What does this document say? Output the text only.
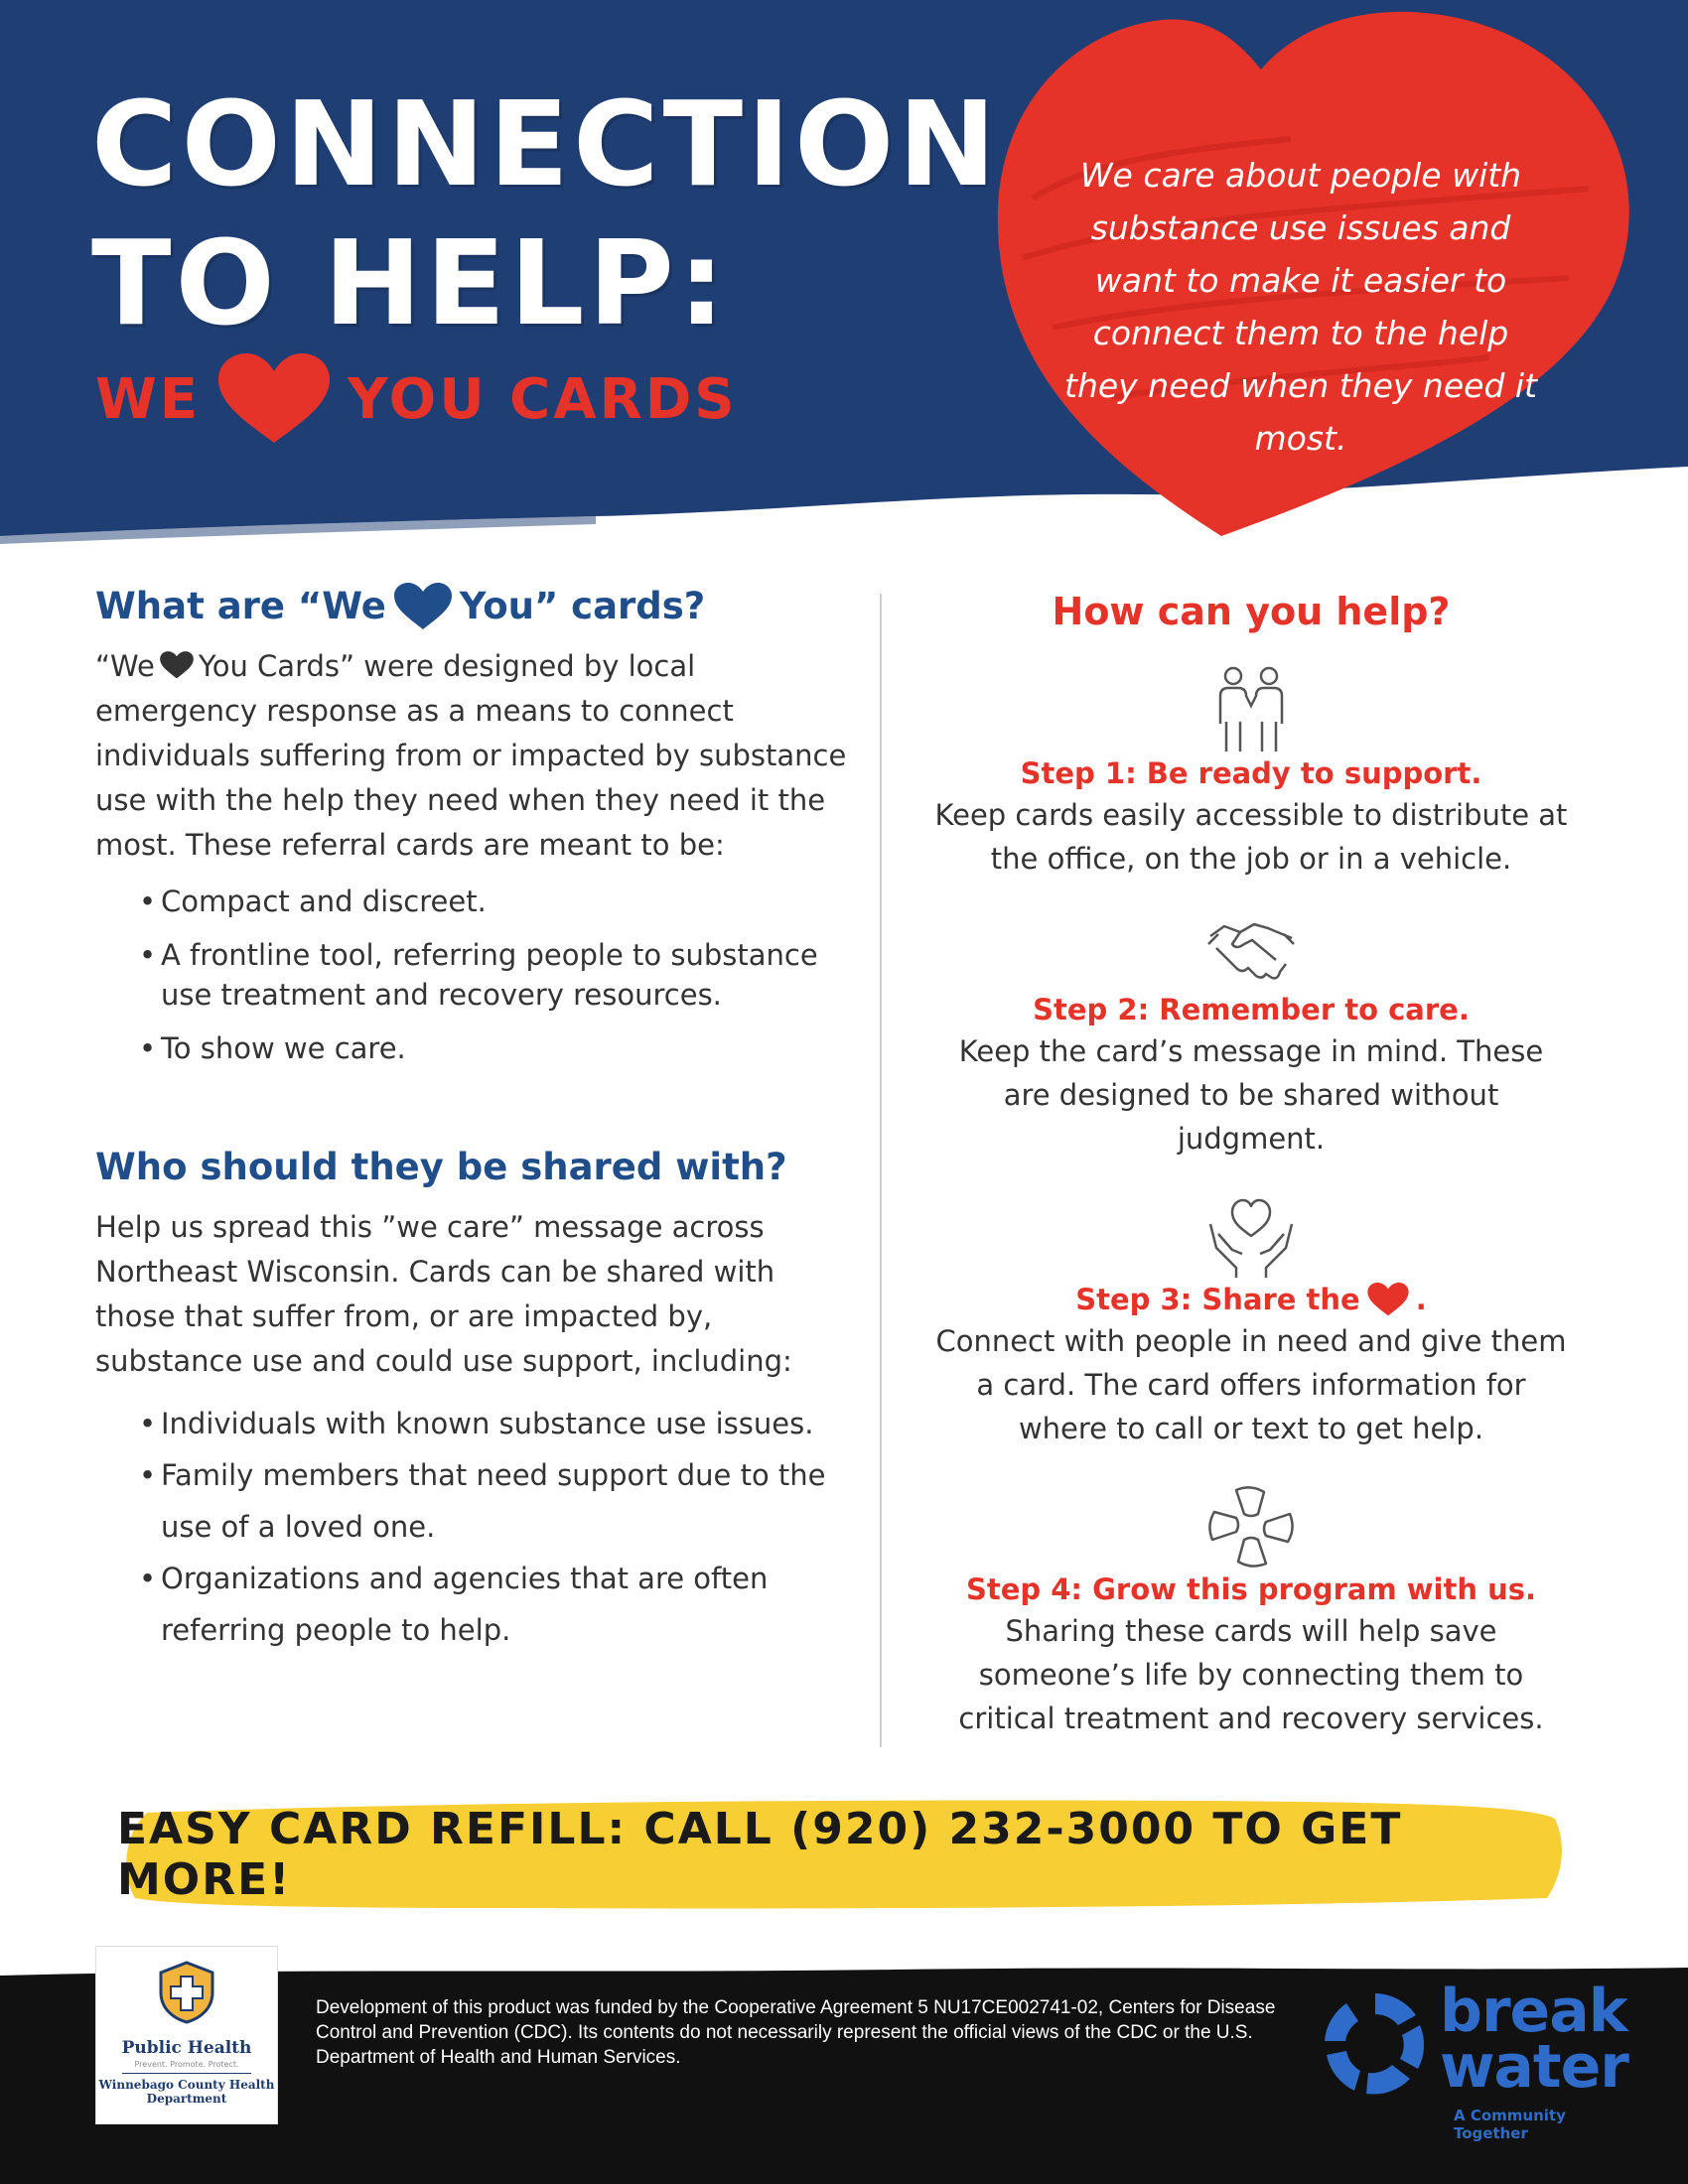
CONNECTION
TO HELP:
WE	YOU CARDS
We care about people with substance use issues and want to make it easier to connect them to the help they need when they need it most.
What are “We You” cards?

“We You Cards” were designed by local emergency response as a means to connect individuals suffering from or impacted by substance use with the help they need when they need it the most. These referral cards are meant to be:

• Compact and discreet.
• A frontline tool, referring people to substance use treatment and recovery resources.
• To show we care.
Who should they be shared with?

Help us spread this ”we care” message across Northeast Wisconsin. Cards can be shared with those that suffer from, or are impacted by, substance use and could use support, including:

• Individuals with known substance use issues.
• Family members that need support due to the use of a loved one.
• Organizations and agencies that are often referring people to help.
How can you help?
Step 1: Be ready to support.
Keep cards easily accessible to distribute at the office, on the job or in a vehicle.
Step 2: Remember to care.
Keep the card’s message in mind. These are designed to be shared without judgment.
Step 3: Share the .
Connect with people in need and give them a card. The card offers information for where to call or text to get help.
Step 4: Grow this program with us.
Sharing these cards will help save someone’s life by connecting them to critical treatment and recovery services.
EASY CARD REFILL: CALL (920) 232-3000 TO GET MORE!
Public Health
Prevent. Promote. Protect.
Winnebago County Health Department
Development of this product was funded by the Cooperative Agreement 5 NU17CE002741-02, Centers for Disease Control and Prevention (CDC). Its contents do not necessarily represent the official views of the CDC or the U.S. Department of Health and Human Services.
break
water
A Community Together
